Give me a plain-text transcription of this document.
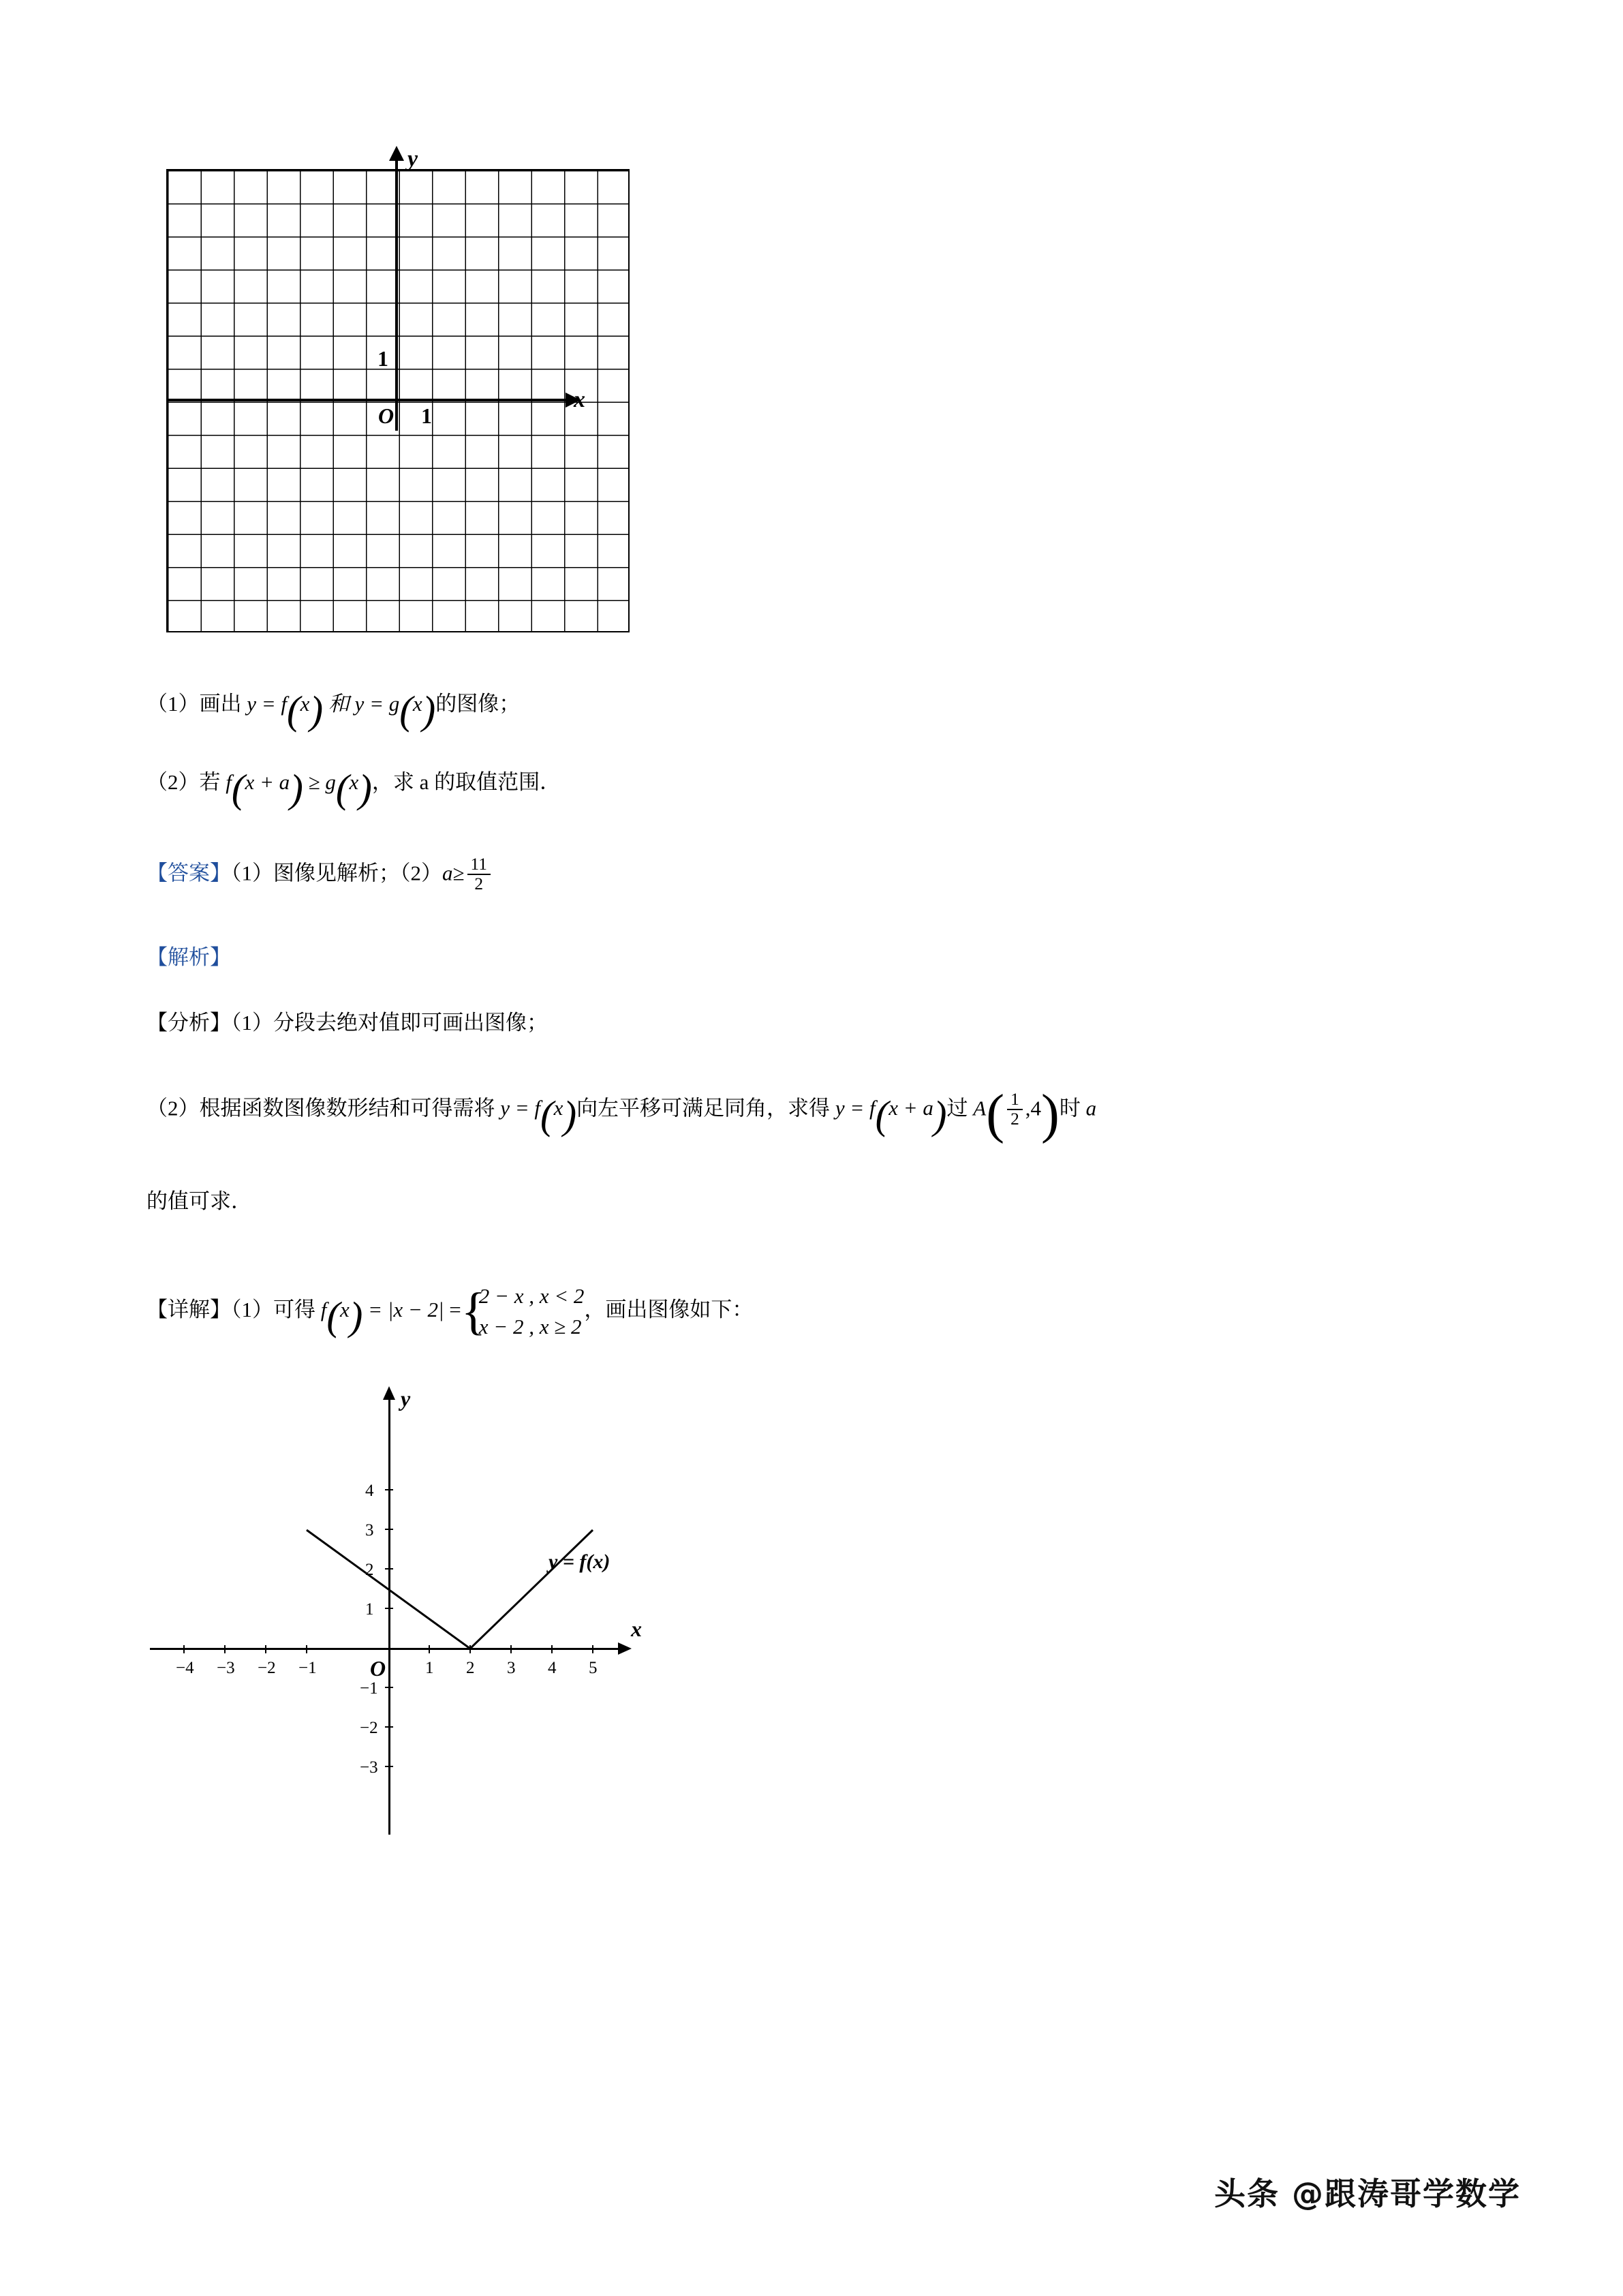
y
x
1
O 1
（1）画出 y = f(x) 和 y = g(x)的图像；
（2）若 f(x + a) ≥ g(x)，求 a 的取值范围．
【答案】（1）图像见解析；$(2)a\ge \frac{11}{2}$
【解析】
【分析】（1）分段去绝对值即可画出图像；
（2）根据函数图像数形结和可得需将 y = f(x)向左平移可满足同角，求得 y = f(x + a)过 $A( \frac{1}{2} ,4)$时 a
的值可求．
【详解】（1）可得 f(x) = |x − 2| = {
2 − x , x < 2
x − 2 , x ≥ 2
，画出图像如下：
y
x
O
−4 −3 −2 −1	1 2 3 4 5
1
2
3
4
−1
−2
−3
y = f(x)
头条 @跟涛哥学数学
